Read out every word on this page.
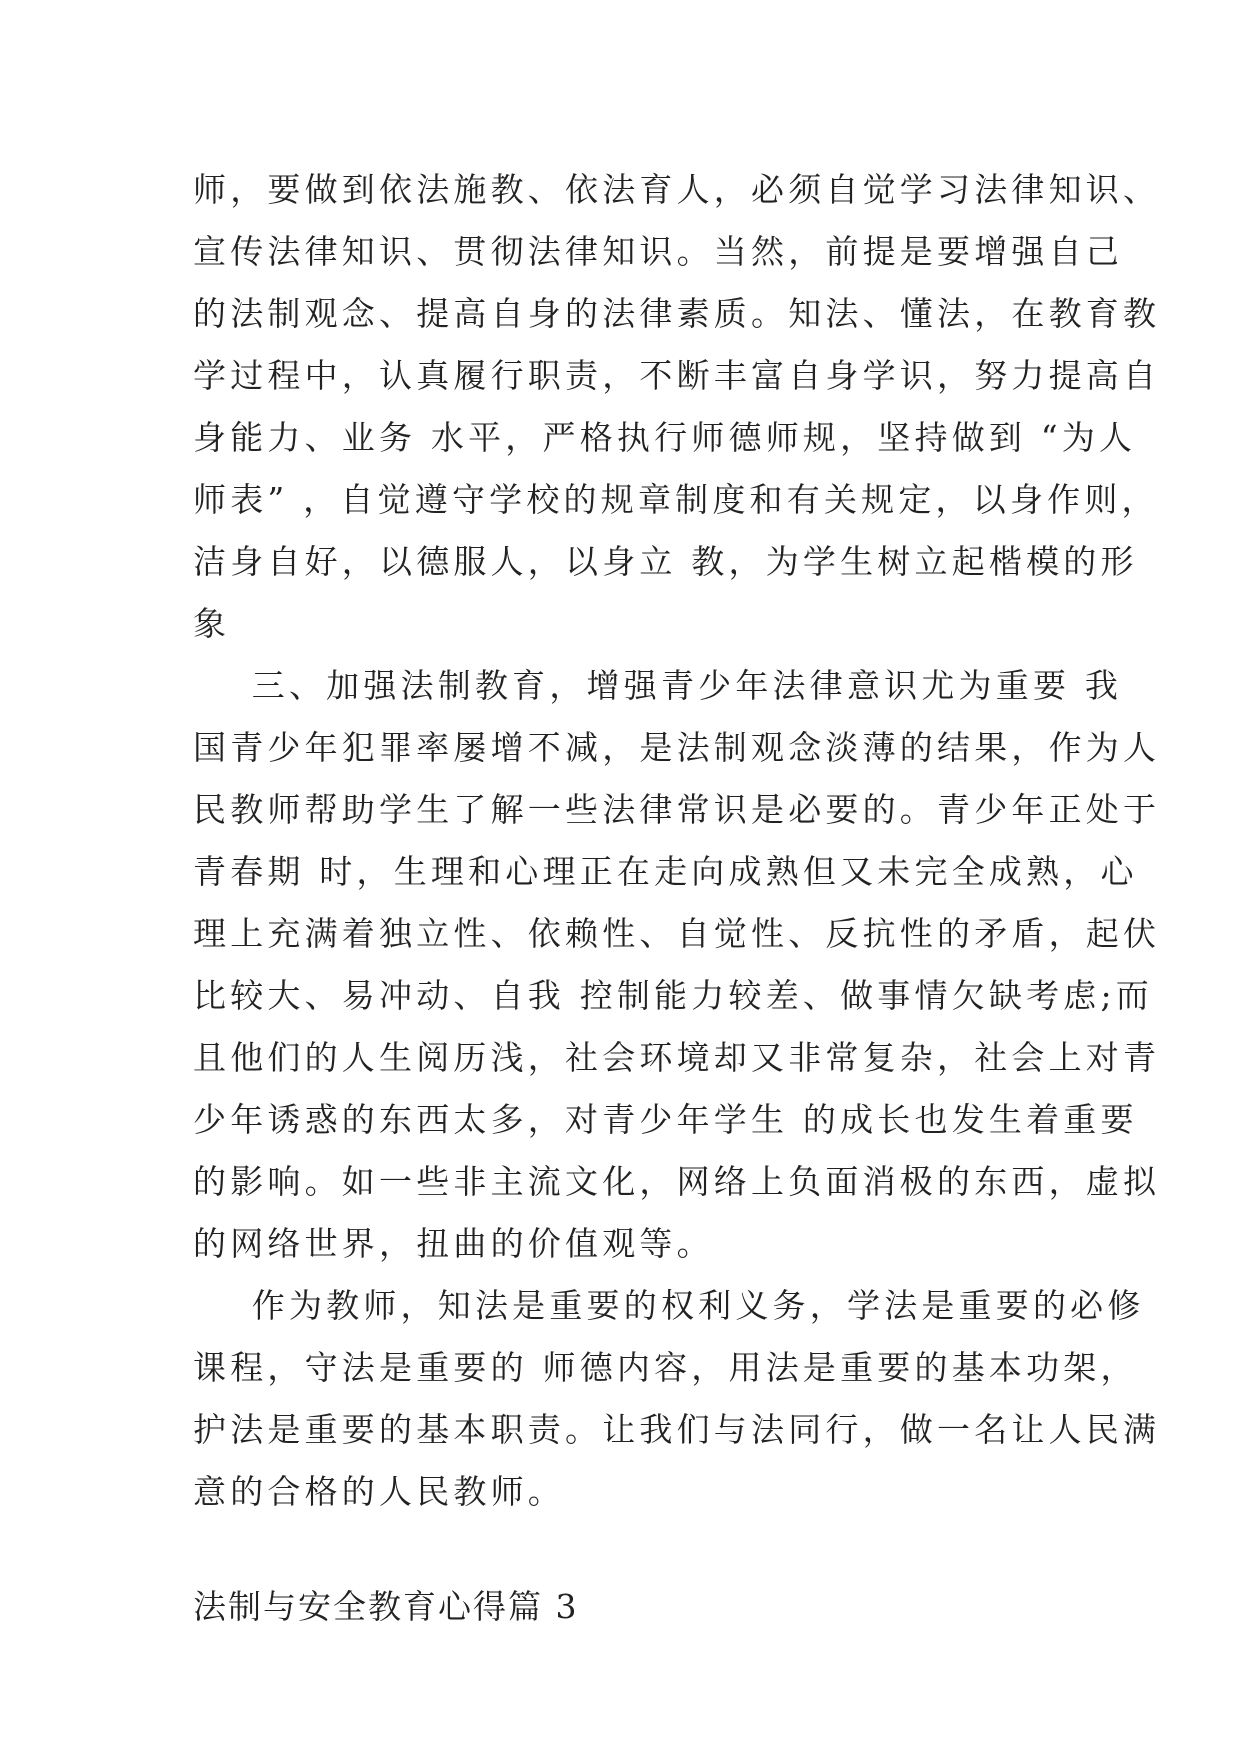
师，要做到依法施教、依法育人，必须自觉学习法律知识、
宣传法律知识、贯彻法律知识。当然，前提是要增强自己
的法制观念、提高自身的法律素质。知法、懂法，在教育教
学过程中，认真履行职责，不断丰富自身学识，努力提高自
身能力、业务 水平，严格执行师德师规，坚持做到 “为人
师表” ，自觉遵守学校的规章制度和有关规定，以身作则，
洁身自好，以德服人，以身立 教，为学生树立起楷模的形
象
三、加强法制教育，增强青少年法律意识尤为重要 我
国青少年犯罪率屡增不减，是法制观念淡薄的结果，作为人
民教师帮助学生了解一些法律常识是必要的。青少年正处于
青春期 时，生理和心理正在走向成熟但又未完全成熟，心
理上充满着独立性、依赖性、自觉性、反抗性的矛盾，起伏
比较大、易冲动、自我 控制能力较差、做事情欠缺考虑;而
且他们的人生阅历浅，社会环境却又非常复杂，社会上对青
少年诱惑的东西太多，对青少年学生 的成长也发生着重要
的影响。如一些非主流文化，网络上负面消极的东西，虚拟
的网络世界，扭曲的价值观等。
作为教师，知法是重要的权利义务，学法是重要的必修
课程，守法是重要的 师德内容，用法是重要的基本功架，
护法是重要的基本职责。让我们与法同行，做一名让人民满
意的合格的人民教师。
法制与安全教育心得篇 3
